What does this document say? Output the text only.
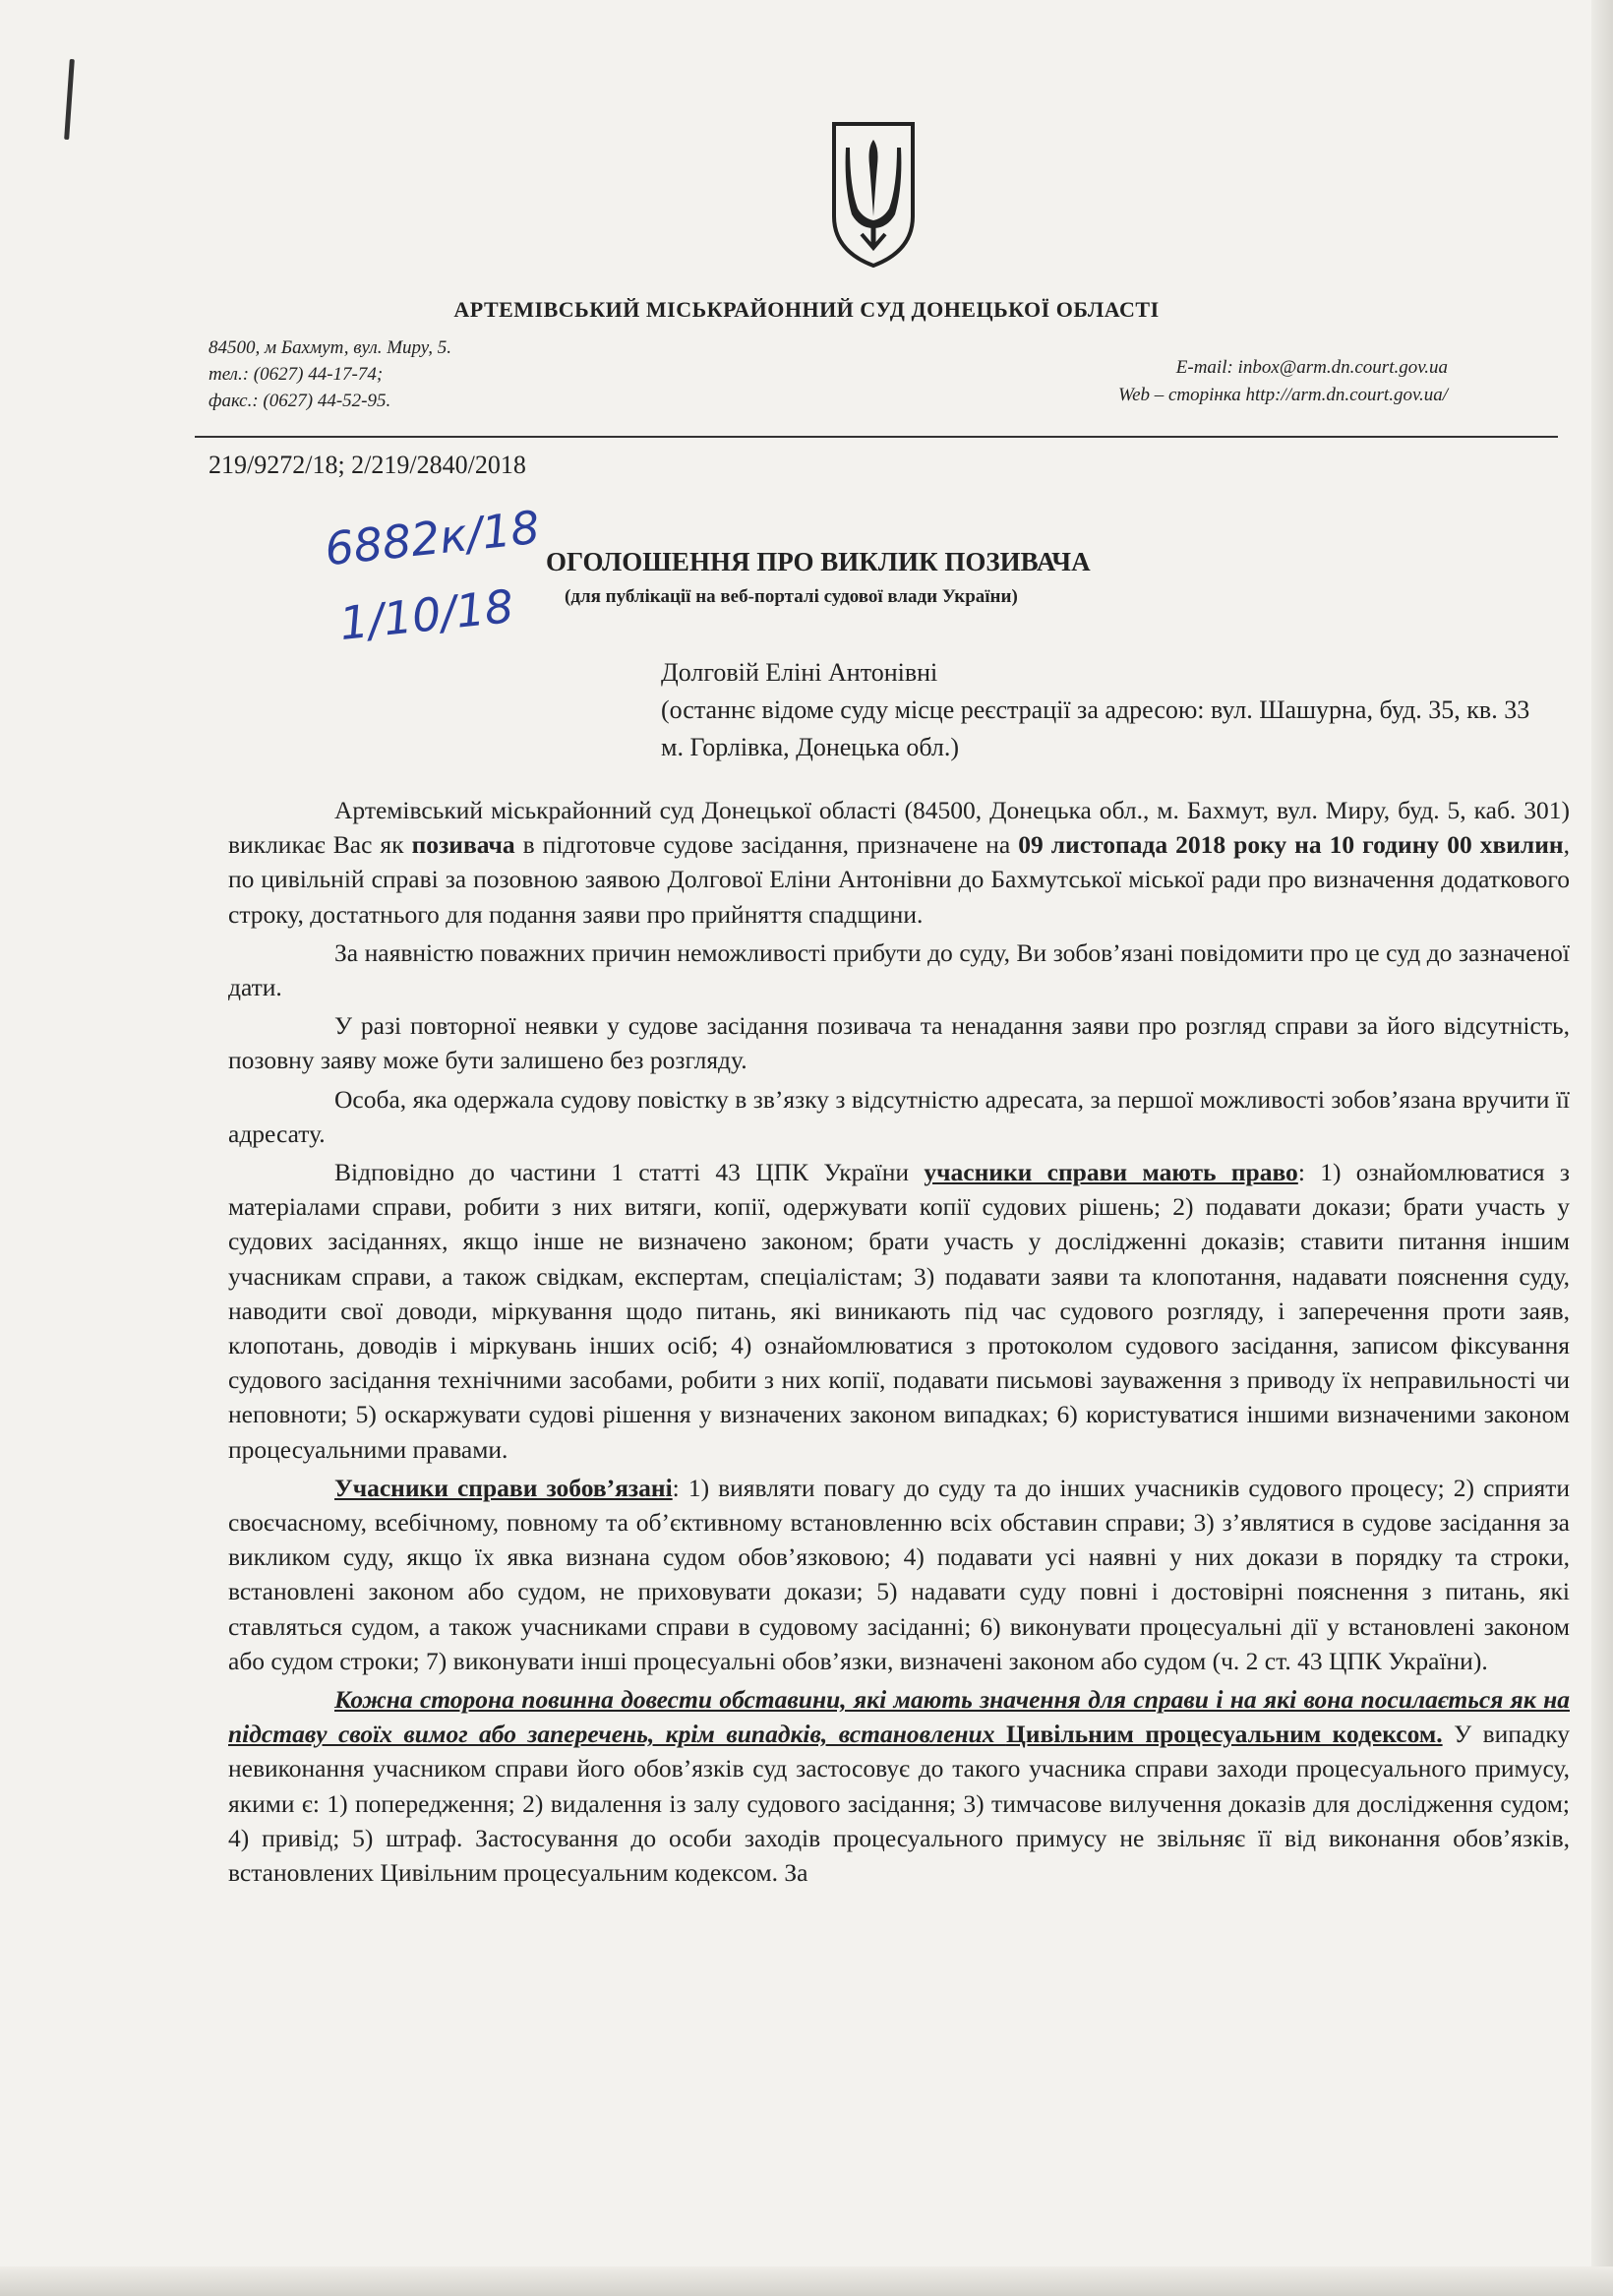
АРТЕМІВСЬКИЙ МІСЬКРАЙОННИЙ СУД ДОНЕЦЬКОЇ ОБЛАСТІ
84500, м Бахмут, вул. Миру, 5.
тел.: (0627) 44-17-74;
факс.: (0627) 44-52-95.
E-mail: inbox@arm.dn.court.gov.ua
Web – сторінка http://arm.dn.court.gov.ua/
219/9272/18; 2/219/2840/2018
6882к/18
1/10/18
ОГОЛОШЕННЯ ПРО ВИКЛИК ПОЗИВАЧА
(для публікації на веб-порталі судової влади України)
Долговій Еліні Антонівні
(останнє відоме суду місце реєстрації за адресою: вул. Шашурна, буд. 35, кв. 33 м. Горлівка, Донецька обл.)

Артемівський міськрайонний суд Донецької області (84500, Донецька обл., м. Бахмут, вул. Миру, буд. 5, каб. 301) викликає Вас як позивача в підготовче судове засідання, призначене на 09 листопада 2018 року на 10 годину 00 хвилин, по цивільній справі за позовною заявою Долгової Еліни Антонівни до Бахмутської міської ради про визначення додаткового строку, достатнього для подання заяви про прийняття спадщини.

За наявністю поважних причин неможливості прибути до суду, Ви зобов’язані повідомити про це суд до зазначеної дати.

У разі повторної неявки у судове засідання позивача та ненадання заяви про розгляд справи за його відсутність, позовну заяву може бути залишено без розгляду.

Особа, яка одержала судову повістку в зв’язку з відсутністю адресата, за першої можливості зобов’язана вручити її адресату.

Відповідно до частини 1 статті 43 ЦПК України учасники справи мають право: 1) ознайомлюватися з матеріалами справи, робити з них витяги, копії, одержувати копії судових рішень; 2) подавати докази; брати участь у судових засіданнях, якщо інше не визначено законом; брати участь у дослідженні доказів; ставити питання іншим учасникам справи, а також свідкам, експертам, спеціалістам; 3) подавати заяви та клопотання, надавати пояснення суду, наводити свої доводи, міркування щодо питань, які виникають під час судового розгляду, і заперечення проти заяв, клопотань, доводів і міркувань інших осіб; 4) ознайомлюватися з протоколом судового засідання, записом фіксування судового засідання технічними засобами, робити з них копії, подавати письмові зауваження з приводу їх неправильності чи неповноти; 5) оскаржувати судові рішення у визначених законом випадках; 6) користуватися іншими визначеними законом процесуальними правами.

Учасники справи зобов’язані: 1) виявляти повагу до суду та до інших учасників судового процесу; 2) сприяти своєчасному, всебічному, повному та об’єктивному встановленню всіх обставин справи; 3) з’являтися в судове засідання за викликом суду, якщо їх явка визнана судом обов’язковою; 4) подавати усі наявні у них докази в порядку та строки, встановлені законом або судом, не приховувати докази; 5) надавати суду повні і достовірні пояснення з питань, які ставляться судом, а також учасниками справи в судовому засіданні; 6) виконувати процесуальні дії у встановлені законом або судом строки; 7) виконувати інші процесуальні обов’язки, визначені законом або судом (ч. 2 ст. 43 ЦПК України).

Кожна сторона повинна довести обставини, які мають значення для справи і на які вона посилається як на підставу своїх вимог або заперечень, крім випадків, встановлених Цивільним процесуальним кодексом. У випадку невиконання учасником справи його обов’язків суд застосовує до такого учасника справи заходи процесуального примусу, якими є: 1) попередження; 2) видалення із залу судового засідання; 3) тимчасове вилучення доказів для дослідження судом; 4) привід; 5) штраф. Застосування до особи заходів процесуального примусу не звільняє її від виконання обов’язків, встановлених Цивільним процесуальним кодексом. За
